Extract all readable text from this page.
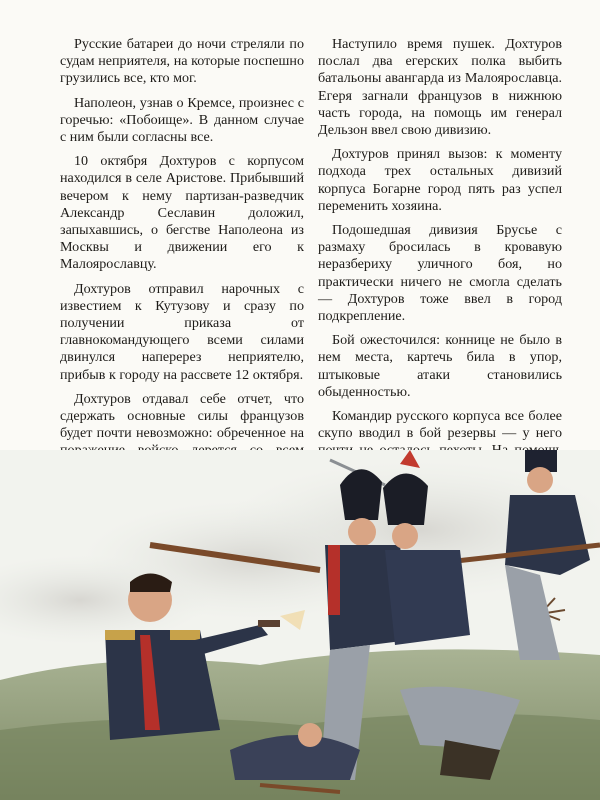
Русские батареи до ночи стреляли по судам неприятеля, на которые поспешно грузились все, кто мог.

Наполеон, узнав о Кремсе, произнес с горечью: «Побоище». В данном случае с ним были согласны все.

10 октября Дохтуров с корпусом находился в селе Аристове. Прибывший вечером к нему партизан-разведчик Александр Сеславин доложил, запыхавшись, о бегстве Наполеона из Москвы и движении его к Малоярославцу.

Дохтуров отправил нарочных с известием к Кутузову и сразу по получении приказа от главнокомандующего всеми силами двинулся наперерез неприятелю, прибыв к городу на рассвете 12 октября.

Дохтуров отдавал себе отчет, что сдержать основные силы французов будет почти невозможно: обреченное на

Наступило время пушек. Дохтуров послал два егерских полка выбить батальоны авангарда из Малоярославца. Егеря загнали французов в нижнюю часть города, на помощь им генерал Дельзон ввел свою дивизию.

Дохтуров принял вызов: к моменту подхода трех остальных дивизий корпуса Богарне город пять раз успел переменить хозяина.

Подошедшая дивизия Брусье с размаху бросилась в кровавую неразбериху уличного боя, но практически ничего не смогла сделать — Дохтуров тоже ввел в город подкрепление.

Бой ожесточился: коннице не было в нем места, картечь била в упор, штыковые атаки становились обыденностью.

Командир русского корпуса все более скупо вводил в бой резервы — у него
